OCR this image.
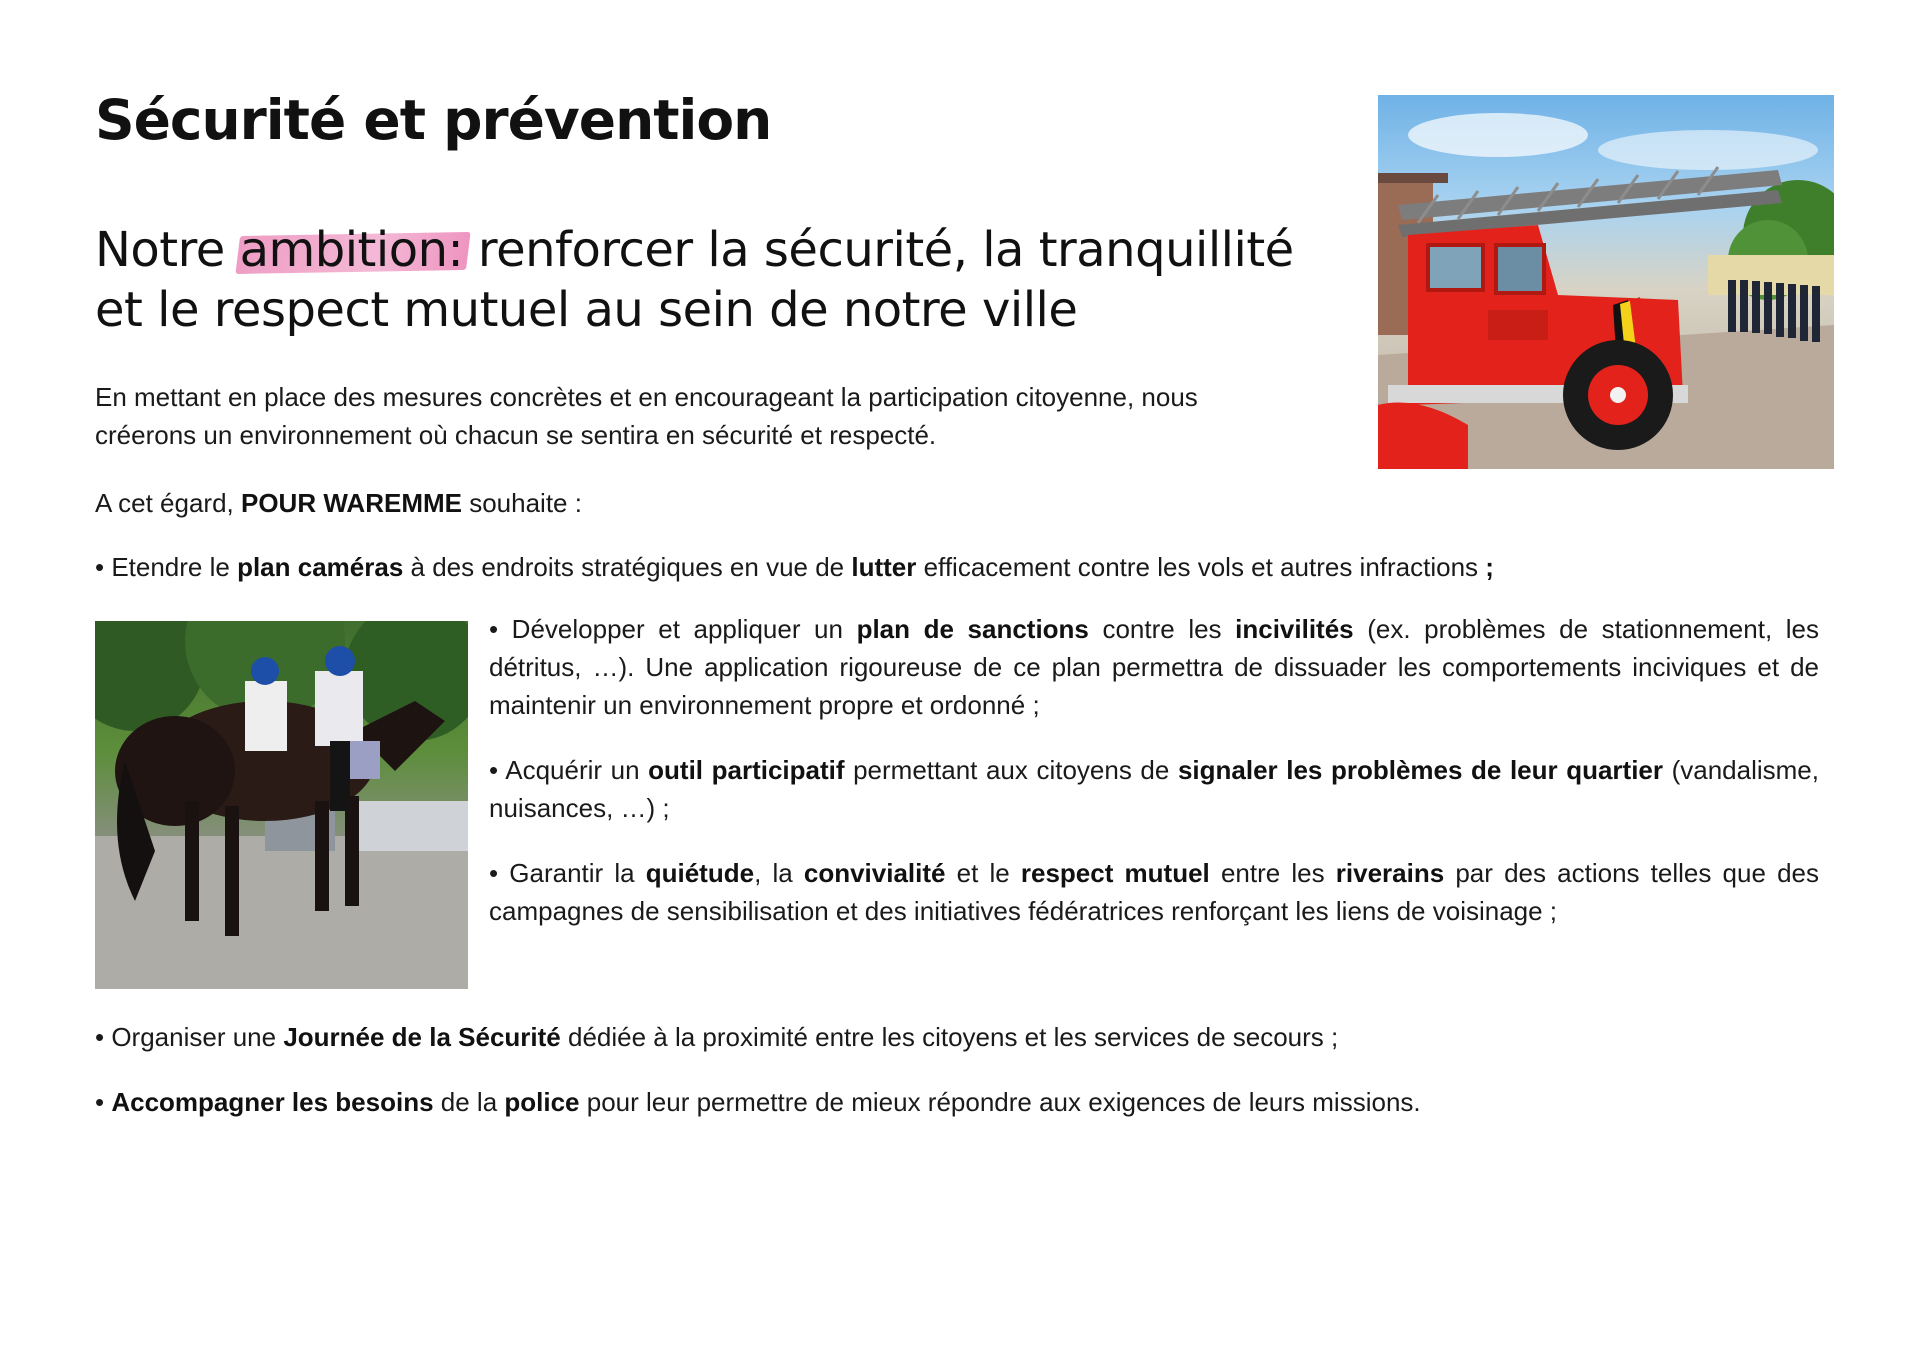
Sécurité et prévention
Notre ambition: renforcer la sécurité, la tranquillité et le respect mutuel au sein de notre ville

En mettant en place des mesures concrètes et en encourageant la participation citoyenne, nous créerons un environnement où chacun se sentira en sécurité et respecté.

A cet égard, POUR WAREMME souhaite :

• Etendre le plan caméras à des endroits stratégiques en vue de lutter efficacement contre les vols et autres infractions ;

• Développer et appliquer un plan de sanctions contre les incivilités (ex. problèmes de stationnement, les détritus, …). Une application rigoureuse de ce plan permettra de dissuader les comportements inciviques et de maintenir un environnement propre et ordonné ;

• Acquérir un outil participatif permettant aux citoyens de signaler les problèmes de leur quartier (vandalisme, nuisances, …) ;

• Garantir la quiétude, la convivialité et le respect mutuel entre les riverains par des actions telles que des campagnes de sensibilisation et des initiatives fédératrices renforçant les liens de voisinage ;

• Organiser une Journée de la Sécurité dédiée à la proximité entre les citoyens et les services de secours ;

• Accompagner les besoins de la police pour leur permettre de mieux répondre aux exigences de leurs missions.
